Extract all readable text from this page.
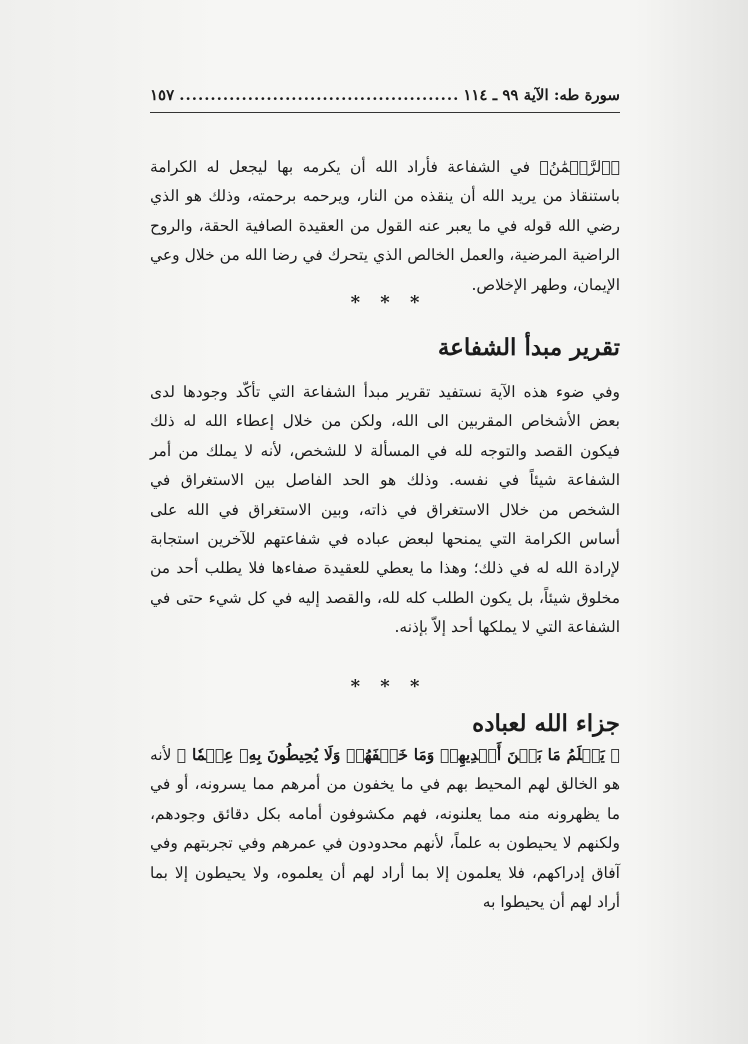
سورة طه: الآية ٩٩ ـ ١١٤
.....
١٥٧

﴿ٱلرَّحۡمَٰنُ﴾ في الشفاعة فأراد الله أن يكرمه بها ليجعل له الكرامة باستنقاذ من يريد الله أن ينقذه من النار، ويرحمه برحمته، وذلك هو الذي رضي الله قوله في ما يعبر عنه القول من العقيدة الصافية الحقة، والروح الراضية المرضية، والعمل الخالص الذي يتحرك في رضا الله من خلال وعي الإيمان، وطهر الإخلاص.

* * *
تقرير مبدأ الشفاعة

وفي ضوء هذه الآية نستفيد تقرير مبدأ الشفاعة التي تأكّد وجودها لدى بعض الأشخاص المقربين الى الله، ولكن من خلال إعطاء الله له ذلك فيكون القصد والتوجه لله في المسألة لا للشخص، لأنه لا يملك من أمر الشفاعة شيئاً في نفسه. وذلك هو الحد الفاصل بين الاستغراق في الشخص من خلال الاستغراق في ذاته، وبين الاستغراق في الله على أساس الكرامة التي يمنحها لبعض عباده في شفاعتهم للآخرين استجابة لإرادة الله له في ذلك؛ وهذا ما يعطي للعقيدة صفاءها فلا يطلب أحد من مخلوق شيئاً، بل يكون الطلب كله لله، والقصد إليه في كل شيء حتى في الشفاعة التي لا يملكها أحد إلاّ بإذنه.

* * *
جزاء الله لعباده

﴿ يَعۡلَمُ مَا بَيۡنَ أَيۡدِيهِمۡ وَمَا خَلۡفَهُمۡ وَلَا يُحِيطُونَ بِهِۦ عِلۡمٗا ﴾ لأنه هو الخالق لهم المحيط بهم في ما يخفون من أمرهم مما يسرونه، أو في ما يظهرونه منه مما يعلنونه، فهم مكشوفون أمامه بكل دقائق وجودهم، ولكنهم لا يحيطون به علماً، لأنهم محدودون في عمرهم وفي تجربتهم وفي آفاق إدراكهم، فلا يعلمون إلا بما أراد لهم أن يعلموه، ولا يحيطون إلا بما أراد لهم أن يحيطوا به
